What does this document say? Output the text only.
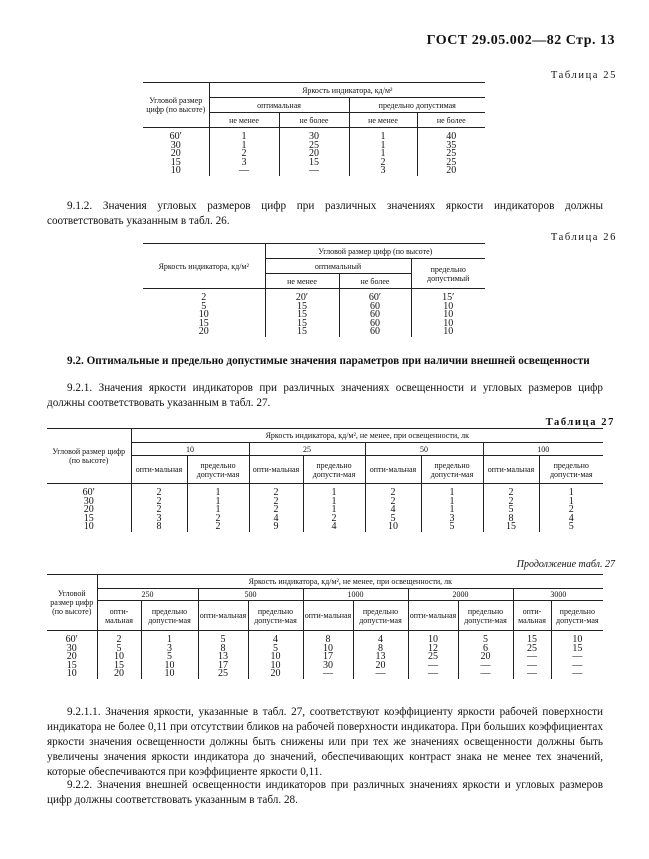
ГОСТ 29.05.002—82 Стр. 13
Таблица 25
Угловой размер цифр (по высоте)	Яркость индикатора, кд/м²			
	оптимальная		предельно допустимая	
	не менее	не более	не менее	не более

60′	1	30	1	40
30	1	25	1	35
20	2	20	1	25
15	3	15	2	25
10	—	—	3	20
9.1.2. Значения угловых размеров цифр при различных значениях яркости индикаторов должны соответствовать указанным в табл. 26.
Таблица 26
Яркость индикатора, кд/м²	Угловой размер цифр (по высоте)		
	оптимальный		предельно допустимый
	не менее	не более	

2	20′	60′	15′
5	15	60	10
10	15	60	10
15	15	60	10
20	15	60	10
9.2. Оптимальные и предельно допустимые значения параметров при наличии внешней освещенности
9.2.1. Значения яркости индикаторов при различных значениях освещенности и угловых размеров цифр должны соответствовать указанным в табл. 27.
Таблица 27
Угловой размер цифр (по высоте)	Яркость индикатора, кд/м², не менее, при освещенности, лк							
	10		25		50		100	
	опти-мальная	предельно допусти-мая	опти-мальная	предельно допусти-мая	опти-мальная	предельно допусти-мая	опти-мальная	предельно допусти-мая

60′	2	1	2	1	2	1	2	1
30	2	1	2	1	2	1	2	1
20	2	1	2	1	4	1	5	2
15	3	2	4	2	5	3	8	4
10	8	2	9	4	10	5	15	5
Продолжение табл. 27
Угловой размер цифр (по высоте)	Яркость индикатора, кд/м², не менее, при освещенности, лк									
	250		500		1000		2000		3000	
	опти-мальная	предельно допусти-мая	опти-мальная	предельно допусти-мая	опти-мальная	предельно допусти-мая	опти-мальная	предельно допусти-мая	опти-мальная	предельно допусти-мая

60′	2	1	5	4	8	4	10	5	15	10
30	5	3	8	5	10	8	12	6	25	15
20	10	5	13	10	17	13	25	20	—	—
15	15	10	17	10	30	20	—	—	—	—
10	20	10	25	20	—	—	—	—	—	—
9.2.1.1. Значения яркости, указанные в табл. 27, соответствуют коэффициенту яркости рабочей поверхности индикатора не более 0,11 при отсутствии бликов на рабочей поверхности индикатора. При больших коэффициентах яркости значения освещенности должны быть снижены или при тех же значениях освещенности должны быть увеличены значения яркости индикатора до значений, обеспечивающих контраст знака не менее тех значений, которые обеспечиваются при коэффициенте яркости 0,11.
9.2.2. Значения внешней освещенности индикаторов при различных значениях яркости и угловых размеров цифр должны соответствовать указанным в табл. 28.
